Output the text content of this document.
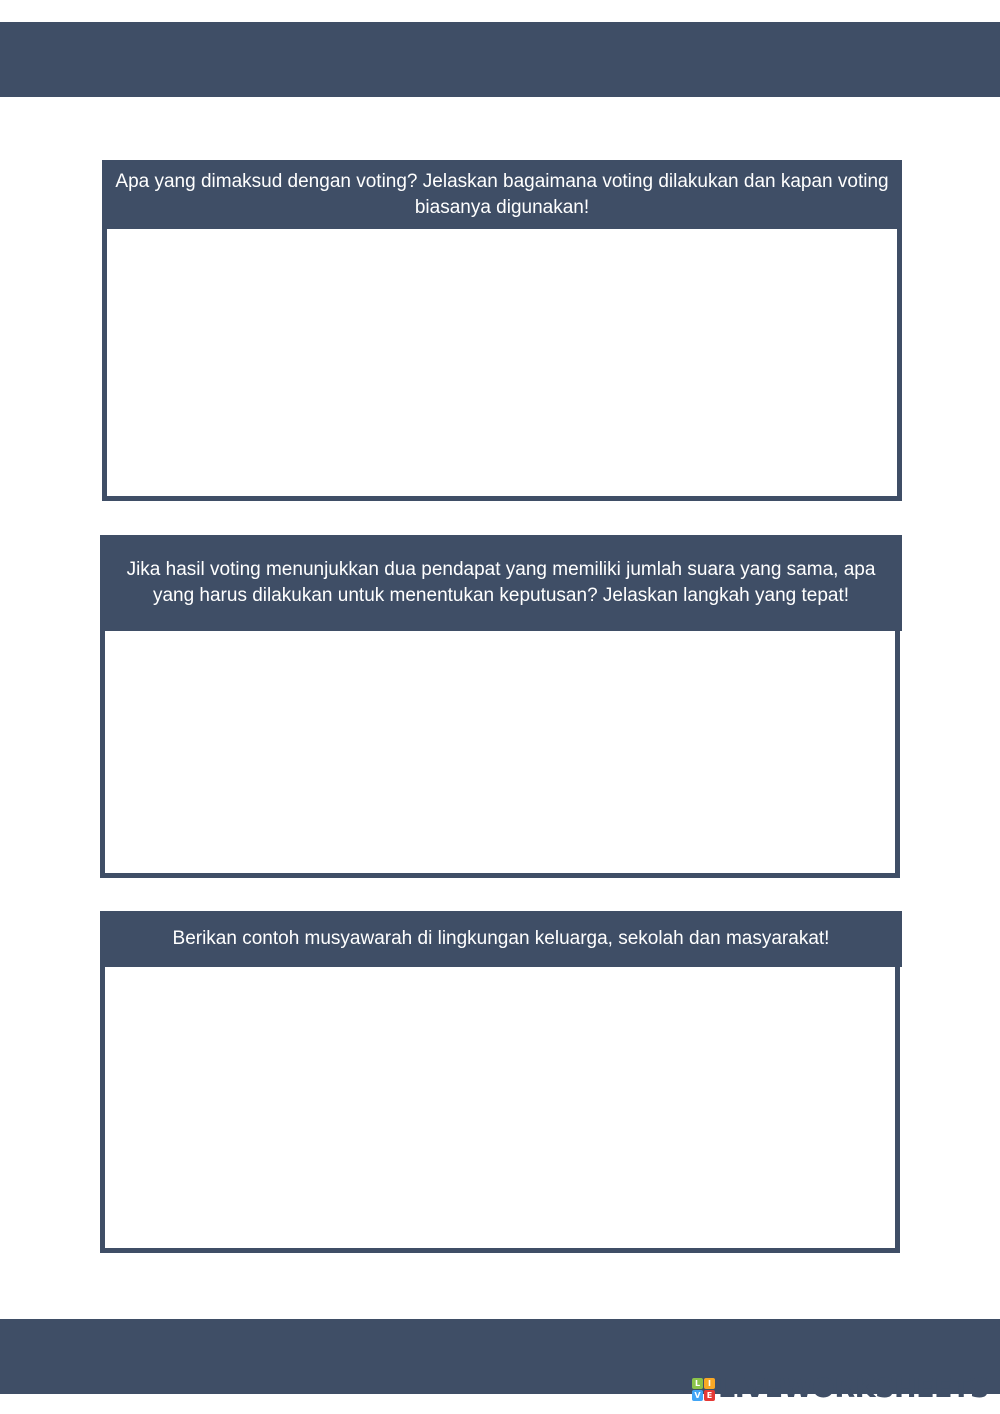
Apa yang dimaksud dengan voting? Jelaskan bagaimana voting dilakukan dan kapan voting biasanya digunakan!
Jika hasil voting menunjukkan dua pendapat yang memiliki jumlah suara yang sama, apa yang harus dilakukan untuk menentukan keputusan? Jelaskan langkah yang tepat!
Berikan contoh musyawarah di lingkungan keluarga, sekolah dan masyarakat!
L I
V E LIVEWORKSHEETS
